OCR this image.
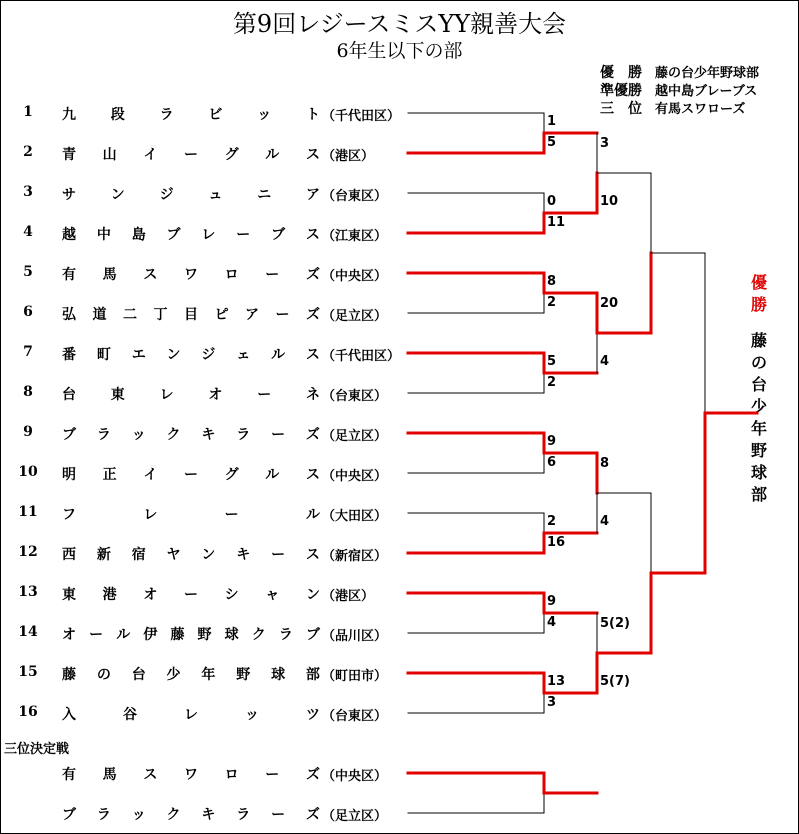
第9回レジースミスYY親善大会
6年生以下の部
優　勝 藤の台少年野球部
準優勝 越中島ブレーブス
三　位 有馬スワローズ
1	九 段 ラ ビ ッ ト （千代田区）
2	青 山 イ ー グ ル ス （港区）
3	サ ン ジ ュ ニ ア （台東区）
4	越 中 島 ブ レ ー ブ ス （江東区）
5	有 馬 ス ワ ロ ー ズ （中央区）
6	弘 道 二 丁 目 ピ ア ー ズ （足立区）
7	番 町 エ ン ジ ェ ル ス （千代田区）
8	台 東 レ オ ー ネ （台東区）
9	ブ ラ ッ ク キ ラ ー ズ （足立区）
10	明 正 イ ー グ ル ス （中央区）
11	フ	レ	ー	ル （大田区）
12	西 新 宿 ヤ ン キ ー ス （新宿区）
13	東 港 オ ー シ ャ ン （港区）
14	オ ー ル 伊 藤 野 球 ク ラ ブ （品川区）
15	藤 の 台 少 年 野 球 部 （町田市）
16	入	谷	レ	ッ	ツ （台東区）
優勝
藤の台少年野球部
三位決定戦
有 馬 ス ワ ロ ー ズ （中央区）
ブ ラ ッ ク キ ラ ー ズ （足立区）
1
5
0
11
8
2
5
2
9
6
2
16
9
4
13
3
3
10
20
4
8
4
5(2)
5(7)
